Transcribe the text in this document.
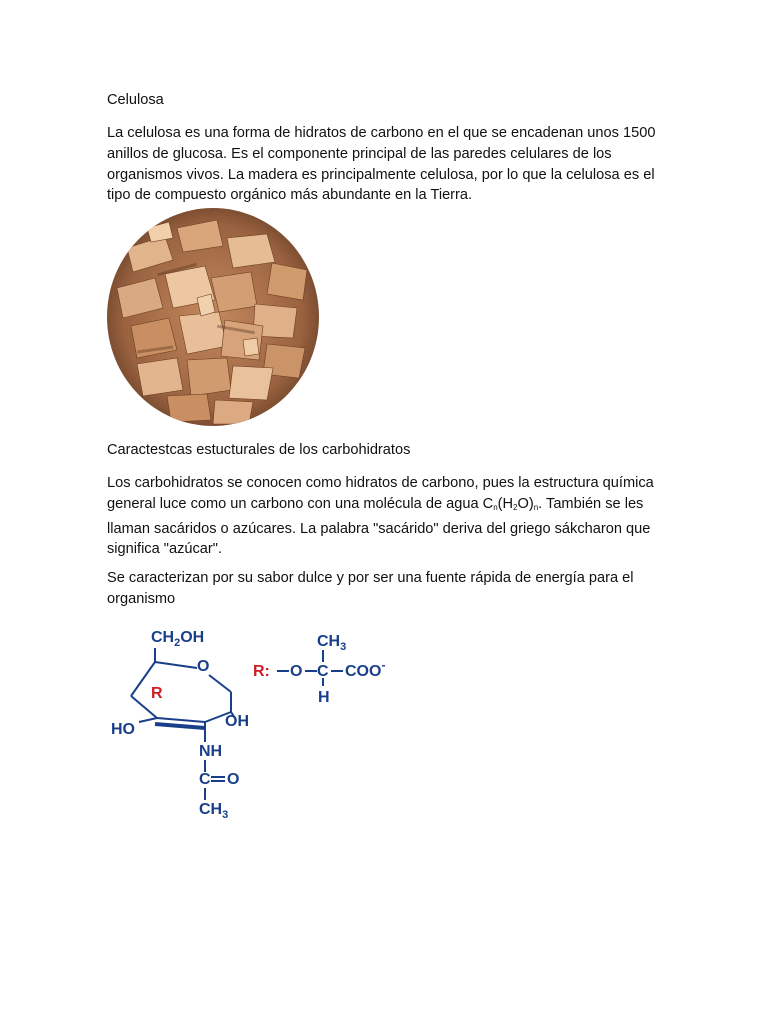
Celulosa

La celulosa es una forma de hidratos de carbono en el que se encadenan unos 1500 anillos de glucosa. Es el componente principal de las paredes celulares de los organismos vivos. La madera es principalmente celulosa, por lo que la celulosa es el tipo de compuesto orgánico más abundante en la Tierra.

Caractestcas estucturales de los carbohidratos

Los carbohidratos se conocen como hidratos de carbono, pues la estructura química general luce como un carbono con una molécula de agua $C_n(H_2O)_n$. También se les llaman sacáridos o azúcares. La palabra "sacárido" deriva del griego sákcharon que significa "azúcar".

Se caracterizan por su sabor dulce y por ser una fuente rápida de energía para el organismo

$CH_2OH$
O
HO	OH
NH
C O
$CH_3$
O C COO-
$CH_3$
H
R
R:
